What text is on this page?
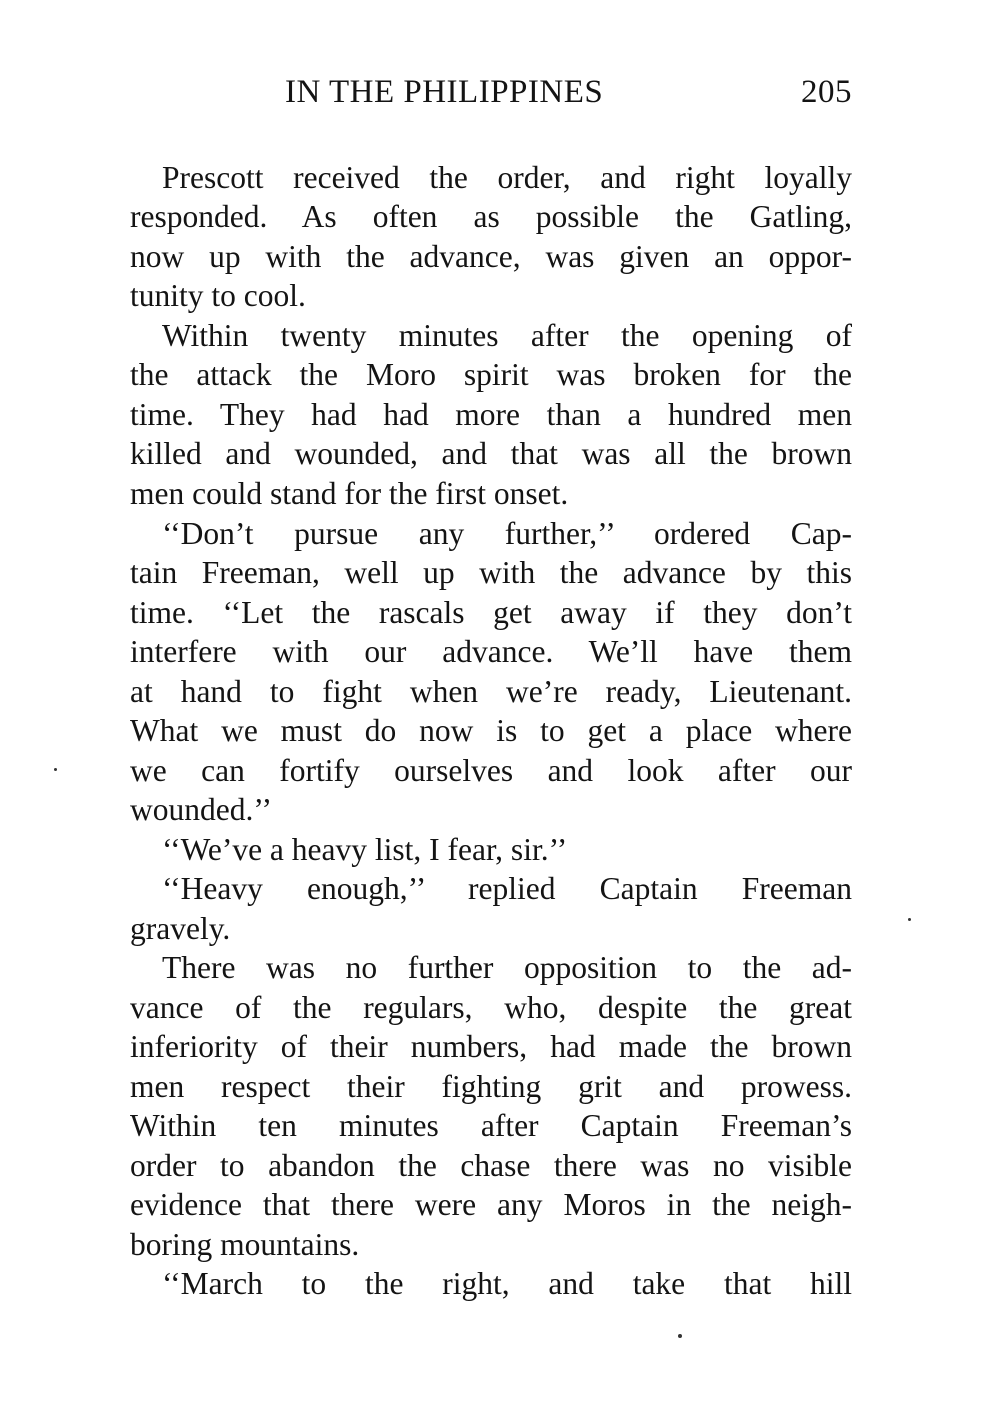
IN THE PHILIPPINES	205
Prescott received the order, and right loyally
responded. As often as possible the Gatling,
now up with the advance, was given an oppor-
tunity to cool.
Within twenty minutes after the opening of
the attack the Moro spirit was broken for the
time. They had had more than a hundred men
killed and wounded, and that was all the brown
men could stand for the first onset.
‘‘Don’t pursue any further,’’ ordered Cap-
tain Freeman, well up with the advance by this
time. ‘‘Let the rascals get away if they don’t
interfere with our advance. We’ll have them
at hand to fight when we’re ready, Lieutenant.
What we must do now is to get a place where
we can fortify ourselves and look after our
wounded.’’
‘‘We’ve a heavy list, I fear, sir.’’
‘‘Heavy enough,’’ replied Captain Freeman
gravely.
There was no further opposition to the ad-
vance of the regulars, who, despite the great
inferiority of their numbers, had made the brown
men respect their fighting grit and prowess.
Within ten minutes after Captain Freeman’s
order to abandon the chase there was no visible
evidence that there were any Moros in the neigh-
boring mountains.
‘‘March to the right, and take that hill
